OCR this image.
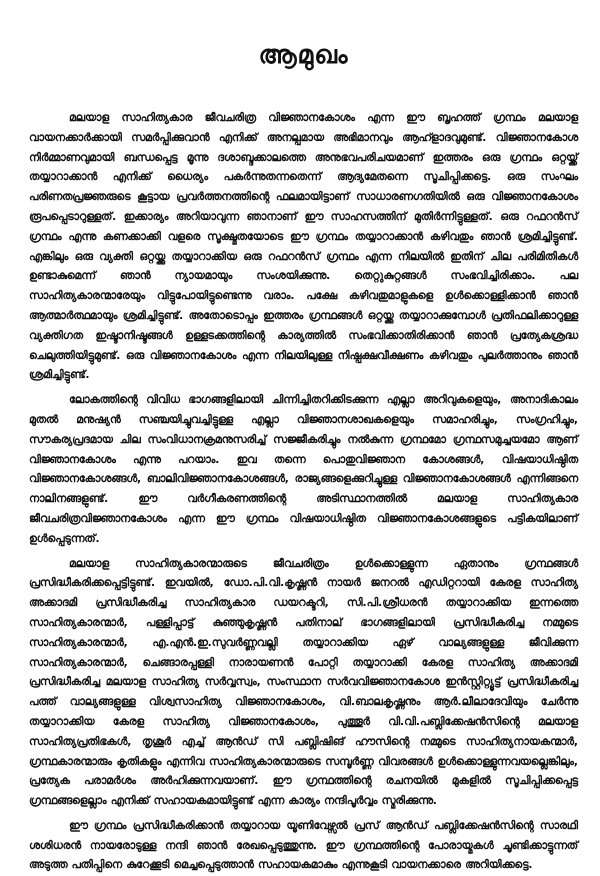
ആമുഖം

മലയാള സാഹിത്യകാര ജീവചരിത്ര വിജ്ഞാനകോശം എന്ന ഈ ബൃഹത്ത് ഗ്രന്ഥം മലയാള വായനക്കാർക്കായി സമർപ്പിക്കുവാൻ എനിക്ക് അനല്പമായ അഭിമാനവും ആഹ്ളാദവുമുണ്ട്. വിജ്ഞാനകോശ നിർമ്മാണവുമായി ബന്ധപ്പെട്ട മൂന്നു ദശാബ്ദക്കാലത്തെ അനുഭവപരിചയമാണ് ഇത്തരം ഒരു ഗ്രന്ഥം ഒറ്റയ്ക്ക് തയ്യാറാക്കാൻ എനിക്ക് ധൈര്യം പകർന്നുതന്നതെന്ന് ആദ്യമേതന്നെ സൂചിപ്പിക്കട്ടെ. ഒരു സംഘം പരിണതപ്രജ്ഞരുടെ കൂട്ടായ പ്രവർത്തനത്തിന്റെ ഫലമായിട്ടാണ് സാധാരണഗതിയിൽ ഒരു വിജ്ഞാനകോശം രൂപപ്പെടാറുള്ളത്. ഇക്കാര്യം അറിയാവുന്ന ഞാനാണ് ഈ സാഹസത്തിന് മുതിർന്നിട്ടുള്ളത്. ഒരു റഫറൻസ് ഗ്രന്ഥം എന്നു കണക്കാക്കി വളരെ സൂക്ഷ്മതയോടെ ഈ ഗ്രന്ഥം തയ്യാറാക്കാൻ കഴിവതും ഞാൻ ശ്രമിച്ചിട്ടുണ്ട്. എങ്കിലും ഒരു വ്യക്തി ഒറ്റയ്ക്കു തയ്യാറാക്കിയ ഒരു റഫറൻസ് ഗ്രന്ഥം എന്ന നിലയിൽ ഇതിന് ചില പരിമിതികൾ ഉണ്ടാകുമെന്ന് ഞാൻ ന്യായമായും സംശയിക്കുന്നു. തെറ്റുകുറ്റങ്ങൾ സംഭവിച്ചിരിക്കാം. പല സാഹിത്യകാരന്മാരേയും വിട്ടുപോയിട്ടുണ്ടെന്നു വരാം. പക്ഷേ കഴിവതുമാളുകളെ ഉൾക്കൊള്ളിക്കാൻ ഞാൻ ആത്മാർത്ഥമായും ശ്രമിച്ചിട്ടുണ്ട്. അതോടൊപ്പം ഇത്തരം ഗ്രന്ഥങ്ങൾ ഒറ്റയ്ക്കു തയ്യാറാക്കുമ്പോൾ പ്രതിഫലിക്കാറുള്ള വ്യക്തിഗത ഇഷ്ടാനിഷ്ടങ്ങൾ ഉള്ളടക്കത്തിന്റെ കാര്യത്തിൽ സംഭവിക്കാതിരിക്കാൻ ഞാൻ പ്രത്യേകശ്രദ്ധ ചെലുത്തിയിട്ടുമുണ്ട്. ഒരു വിജ്ഞാനകോശം എന്ന നിലയിലുള്ള നിഷ്പക്ഷവീക്ഷണം കഴിവതും പുലർത്താനും ഞാൻ ശ്രമിച്ചിട്ടുണ്ട്.

ലോകത്തിന്റെ വിവിധ ഭാഗങ്ങളിലായി ചിന്നിച്ചിതറിക്കിടക്കുന്ന എല്ലാ അറിവുകളെയും, അനാദികാലം മുതൽ മനുഷ്യൻ സഞ്ചയിച്ചുവച്ചിട്ടുള്ള എല്ലാ വിജ്ഞാനശാഖകളെയും സമാഹരിച്ചും, സംഗ്രഹിച്ചും, സൗകര്യപ്രദമായ ചില സംവിധാനക്രമനുസരിച്ച് സജ്ജീകരിച്ചും നൽകുന്ന ഗ്രന്ഥമോ ഗ്രന്ഥസമുച്ചയമോ ആണ് വിജ്ഞാനകോശം എന്നു പറയാം. ഇവ തന്നെ പൊതുവിജ്ഞാന കോശങ്ങൾ, വിഷയാധിഷ്ഠിത വിജ്ഞാനകോശങ്ങൾ, ബാലിവിജ്ഞാനകോശങ്ങൾ, രാജ്യങ്ങളെക്കുറിച്ചുള്ള വിജ്ഞാനകോശങ്ങൾ എന്നിങ്ങനെ നാലിനങ്ങളുണ്ട്. ഈ വർഗീകരണത്തിന്റെ അടിസ്ഥാനത്തിൽ മലയാള സാഹിത്യകാര ജീവചരിത്രവിജ്ഞാനകോശം എന്ന ഈ ഗ്രന്ഥം വിഷയാധിഷ്ഠിത വിജ്ഞാനകോശങ്ങളുടെ പട്ടികയിലാണ് ഉൾപ്പെടുന്നത്.

മലയാള സാഹിത്യകാരന്മാരുടെ ജീവചരിത്രം ഉൾക്കൊള്ളുന്ന ഏതാനും ഗ്രന്ഥങ്ങൾ പ്രസിദ്ധീകരിക്കപ്പെട്ടിട്ടുണ്ട്. ഇവയിൽ, ഡോ.പി.വി.കൃഷ്ണൻ നായർ ജനറൽ എഡിറ്ററായി കേരള സാഹിത്യ അക്കാദമി പ്രസിദ്ധീകരിച്ച സാഹിത്യകാര ഡയറക്ടറി, സി.പി.ശ്രീധരൻ തയ്യാറാക്കിയ ഇന്നത്തെ സാഹിത്യകാരന്മാർ, പള്ളിപ്പാട്ട് കുഞ്ഞുകൃഷ്ണൻ പതിനാല് ഭാഗങ്ങളിലായി പ്രസിദ്ധീകരിച്ച നമ്മുടെ സാഹിത്യകാരന്മാർ, എ.എൻ.ഇ.സുവർണ്ണവല്ലി തയ്യാറാക്കിയ ഏഴ് വാല്യങ്ങളുള്ള ജീവിക്കുന്ന സാഹിത്യകാരന്മാർ, ചെങ്ങാരപ്പള്ളി നാരായണൻ പോറ്റി തയ്യാറാക്കി കേരള സാഹിത്യ അക്കാദമി പ്രസിദ്ധീകരിച്ച മലയാള സാഹിത്യ സർവ്വസ്വം, സംസ്ഥാന സർവവിജ്ഞാനകോശ ഇൻസ്റ്റിറ്റ്യൂട്ട് പ്രസിദ്ധീകരിച്ച പത്ത് വാല്യങ്ങളുള്ള വിശ്വസാഹിത്യ വിജ്ഞാനകോശം, വി.ബാലകൃഷ്ണനും ആർ.ലീലാദേവിയും ചേർന്നു തയ്യാറാക്കിയ കേരള സാഹിത്യ വിജ്ഞാനകോശം, പുത്തൂർ വി.വി.പബ്ലിക്കേഷൻസിന്റെ മലയാള സാഹിത്യപ്രതിഭകൾ, തൃശൂർ എച്ച് ആൻഡ് സി പബ്ലിഷിങ് ഹൗസിന്റെ നമ്മുടെ സാഹിത്യനായകന്മാർ, ഗ്രന്ഥകാരന്മാരും കൃതികളും എന്നിവ സാഹിത്യകാരന്മാരുടെ സമ്പൂർണ്ണ വിവരങ്ങൾ ഉൾക്കൊള്ളുന്നവയല്ലെങ്കിലും, പ്രത്യേക പരാമർശം അർഹിക്കുന്നവയാണ്. ഈ ഗ്രന്ഥത്തിന്റെ രചനയിൽ മുകളിൽ സൂചിപ്പിക്കപ്പെട്ട ഗ്രന്ഥങ്ങളെല്ലാം എനിക്ക് സഹായകമായിട്ടുണ്ട് എന്ന കാര്യം നന്ദിപൂർവ്വം സ്മരിക്കുന്നു.

ഈ ഗ്രന്ഥം പ്രസിദ്ധീകരിക്കാൻ തയ്യാറായ യൂണിവേഴ്സൽ പ്രസ് ആൻഡ് പബ്ലിക്കേഷൻസിന്റെ സാരഥി ശശിധരൻ നായരോടുള്ള നന്ദി ഞാൻ രേഖപ്പെടുത്തുന്നു. ഈ ഗ്രന്ഥത്തിന്റെ പോരായ്മകൾ ചൂണ്ടിക്കാട്ടുന്നത് അടുത്ത പതിപ്പിനെ കുറേക്കൂടി മെച്ചപ്പെടുത്താൻ സഹായകമാകും എന്നുകൂടി വായനക്കാരെ അറിയിക്കട്ടെ.
